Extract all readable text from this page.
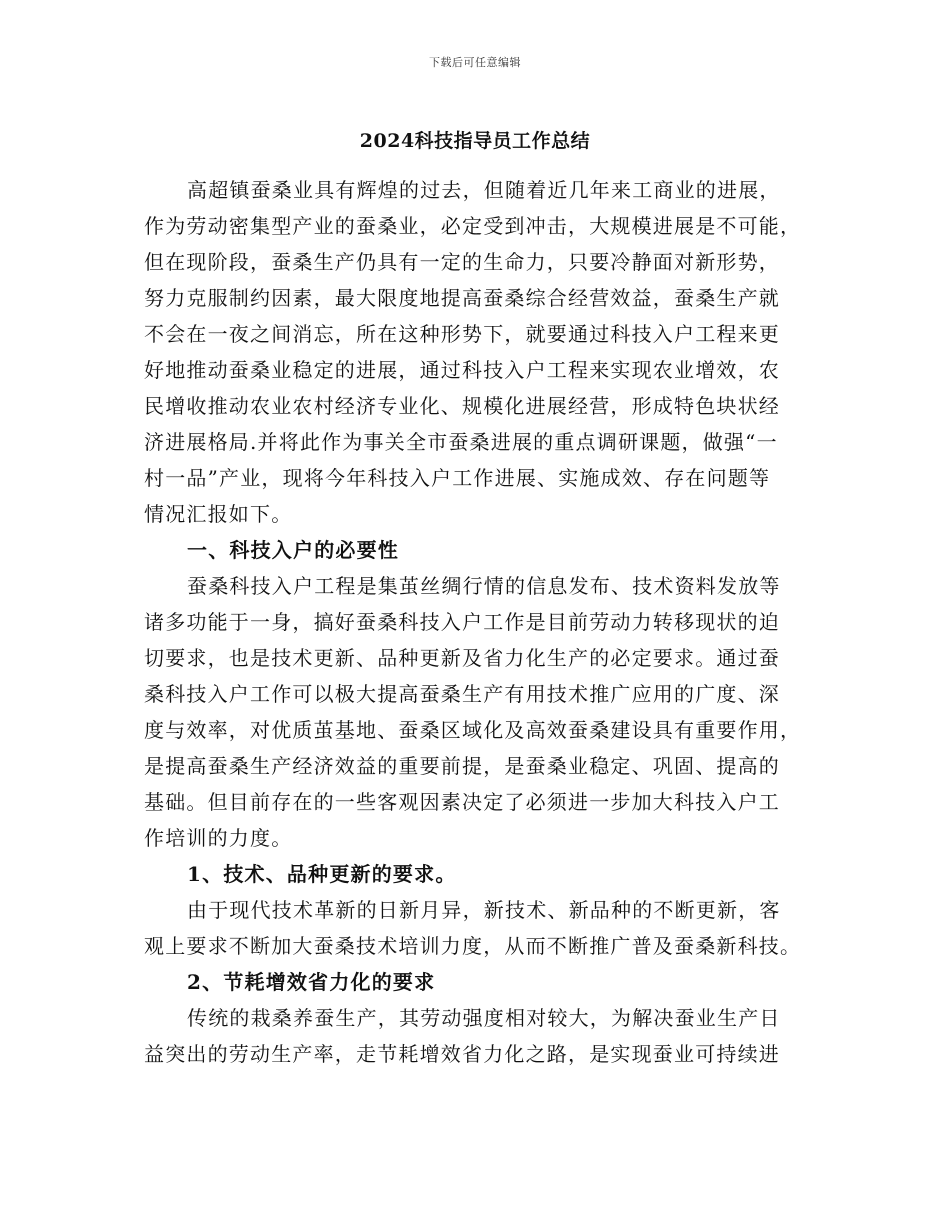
下载后可任意编辑
2024科技指导员工作总结
高超镇蚕桑业具有辉煌的过去，但随着近几年来工商业的进展，
作为劳动密集型产业的蚕桑业，必定受到冲击，大规模进展是不可能，
但在现阶段，蚕桑生产仍具有一定的生命力，只要冷静面对新形势，
努力克服制约因素，最大限度地提高蚕桑综合经营效益，蚕桑生产就
不会在一夜之间消忘，所在这种形势下，就要通过科技入户工程来更
好地推动蚕桑业稳定的进展，通过科技入户工程来实现农业增效，农
民增收推动农业农村经济专业化、规模化进展经营，形成特色块状经
济进展格局.并将此作为事关全市蚕桑进展的重点调研课题，做强“一
村一品”产业，现将今年科技入户工作进展、实施成效、存在问题等
情况汇报如下。
一、科技入户的必要性
蚕桑科技入户工程是集茧丝绸行情的信息发布、技术资料发放等
诸多功能于一身，搞好蚕桑科技入户工作是目前劳动力转移现状的迫
切要求，也是技术更新、品种更新及省力化生产的必定要求。通过蚕
桑科技入户工作可以极大提高蚕桑生产有用技术推广应用的广度、深
度与效率，对优质茧基地、蚕桑区域化及高效蚕桑建设具有重要作用，
是提高蚕桑生产经济效益的重要前提，是蚕桑业稳定、巩固、提高的
基础。但目前存在的一些客观因素决定了必须进一步加大科技入户工
作培训的力度。
1、技术、品种更新的要求。
由于现代技术革新的日新月异，新技术、新品种的不断更新，客
观上要求不断加大蚕桑技术培训力度，从而不断推广普及蚕桑新科技。
2、节耗增效省力化的要求
传统的栽桑养蚕生产，其劳动强度相对较大，为解决蚕业生产日
益突出的劳动生产率，走节耗增效省力化之路，是实现蚕业可持续进
